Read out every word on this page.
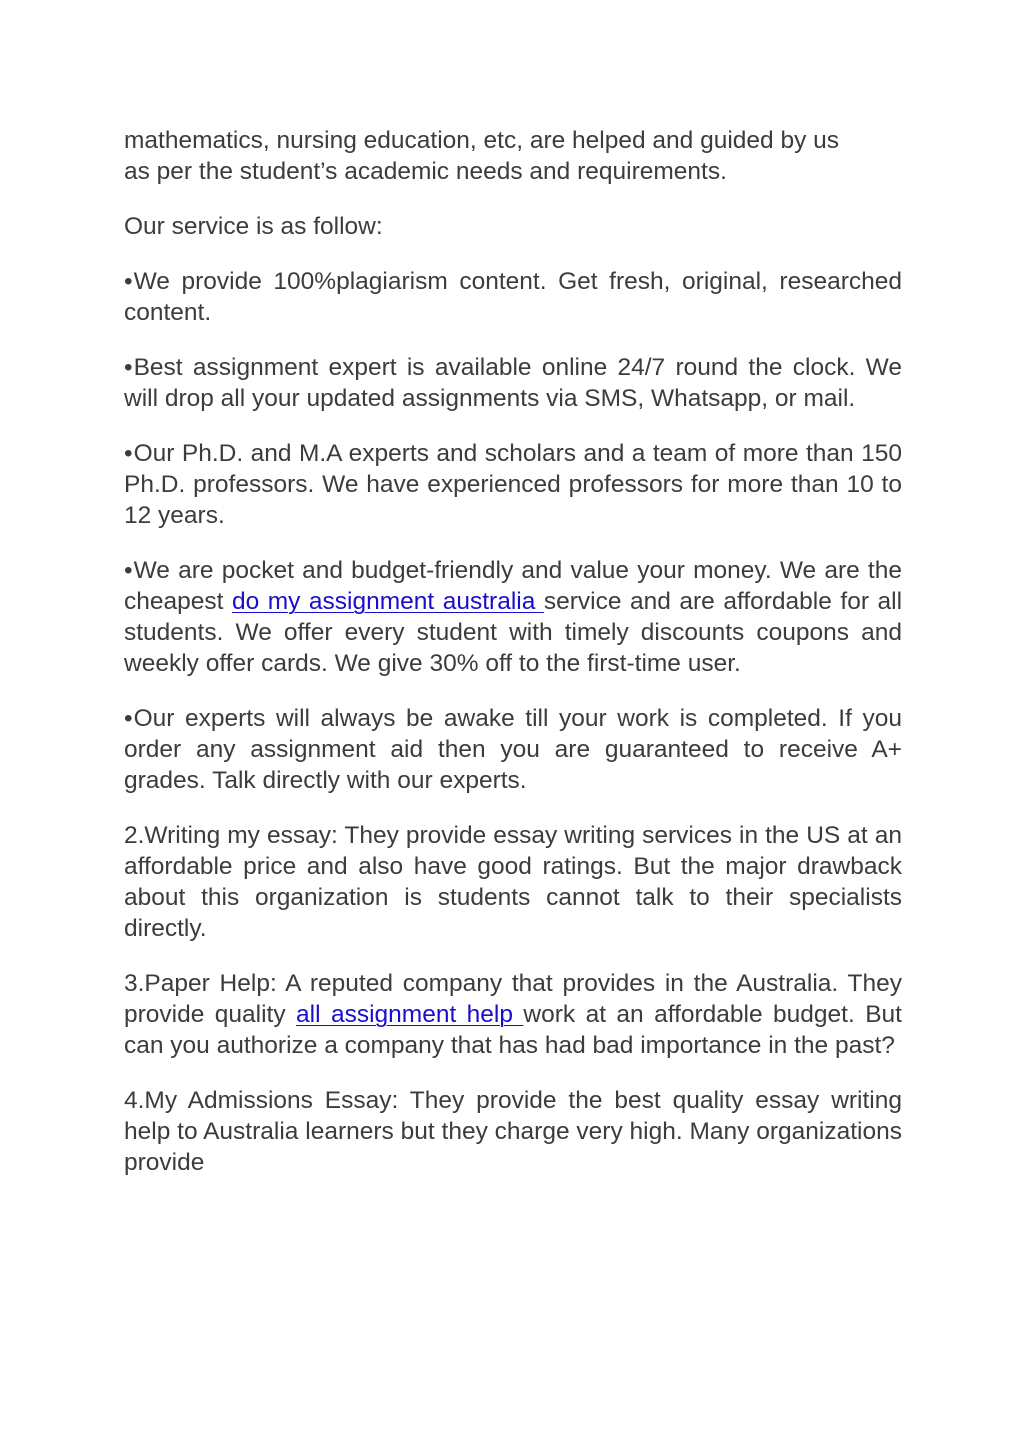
mathematics, nursing education, etc, are helped and guided by us
as per the student’s academic needs and requirements.

Our service is as follow:

•We provide 100%plagiarism content. Get fresh, original, researched content.

•Best assignment expert is available online 24/7 round the clock. We will drop all your updated assignments via SMS, Whatsapp, or mail.

•Our Ph.D. and M.A experts and scholars and a team of more than 150 Ph.D. professors. We have experienced professors for more than 10 to 12 years.

•We are pocket and budget-friendly and value your money. We are the cheapest do my assignment australia service and are affordable for all students. We offer every student with timely discounts coupons and weekly offer cards. We give 30% off to the first-time user.

•Our experts will always be awake till your work is completed. If you order any assignment aid then you are guaranteed to receive A+ grades. Talk directly with our experts.

2.Writing my essay: They provide essay writing services in the US at an affordable price and also have good ratings. But the major drawback about this organization is students cannot talk to their specialists directly.

3.Paper Help: A reputed company that provides in the Australia. They provide quality all assignment help work at an affordable budget. But can you authorize a company that has had bad importance in the past?

4.My Admissions Essay: They provide the best quality essay writing help to Australia learners but they charge very high. Many organizations provide
